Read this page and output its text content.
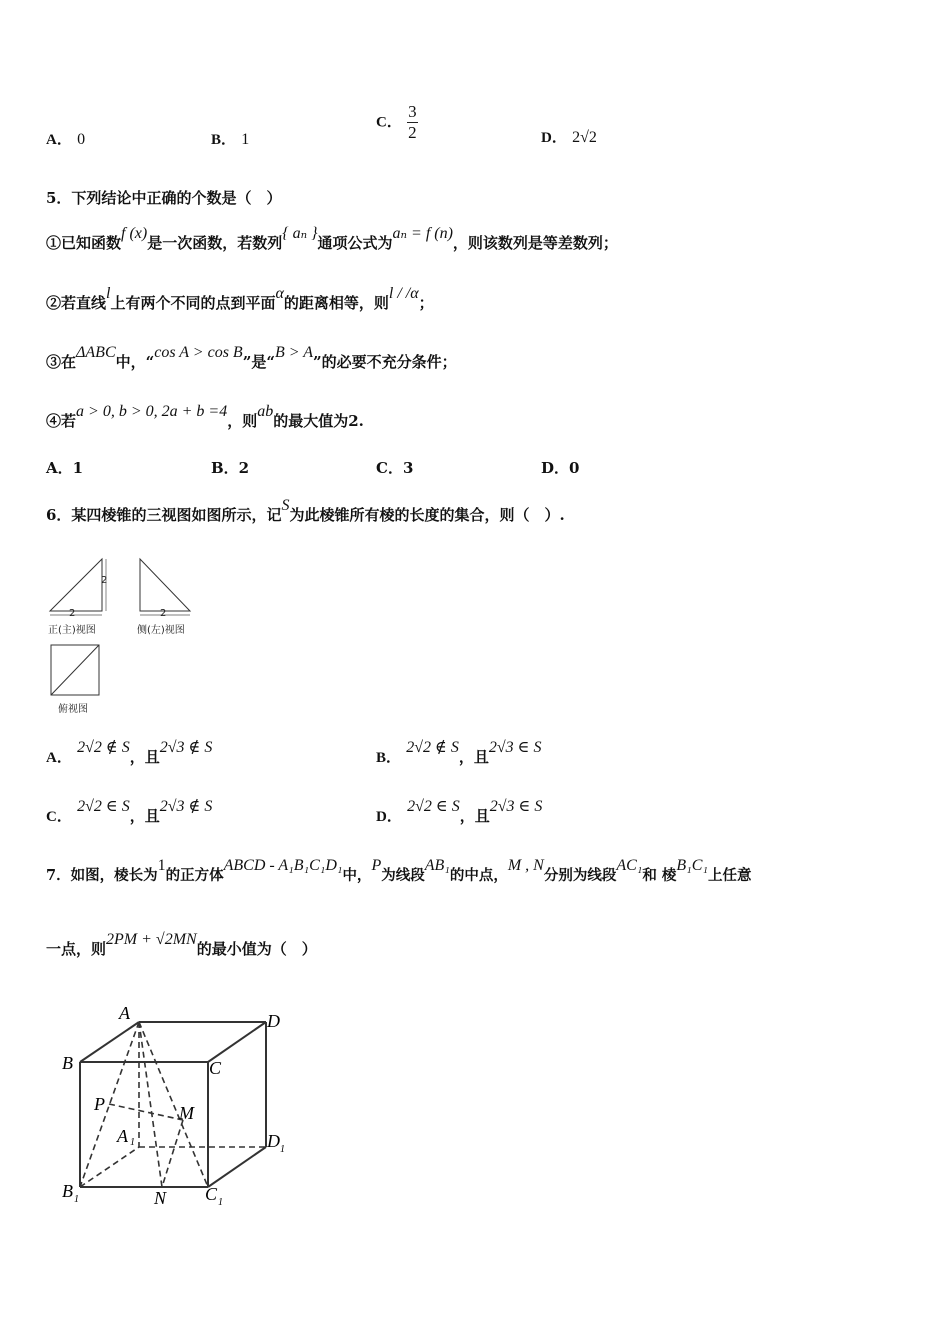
A． 0	B． 1
C． $\frac{3}{2}$	D． 2√2
5．下列结论中正确的个数是（　）
①已知函数f (x)是一次函数，若数列{ aₙ }通项公式为aₙ = f (n)，则该数列是等差数列；
②若直线l上有两个不同的点到平面α的距离相等，则l / /α；
③在ΔABC中，“cos A > cos B”是“B > A”的必要不充分条件；
④若a > 0, b > 0, 2a + b =4，则ab的最大值为2.
A．1	B．2	C．3	D．0
6．某四棱锥的三视图如图所示，记S为此棱锥所有棱的长度的集合，则（　）.
2
2	2
正(主)视图	侧(左)视图
俯视图
A． 2√2 ∉ S，且2√3 ∉ S
B． 2√2 ∉ S，且2√3 ∈ S
C． 2√2 ∈ S，且2√3 ∉ S
D． 2√2 ∈ S，且2√3 ∈ S
7．如图，棱长为1的正方体ABCD - A₁B₁C₁D₁中，P为线段AB₁的中点，M , N分别为线段AC₁和 棱B₁C₁上任意
一点，则2PM + √2MN的最小值为（　）
A	D
B	C
P	M
A 1	D 1
B 1	N C 1
